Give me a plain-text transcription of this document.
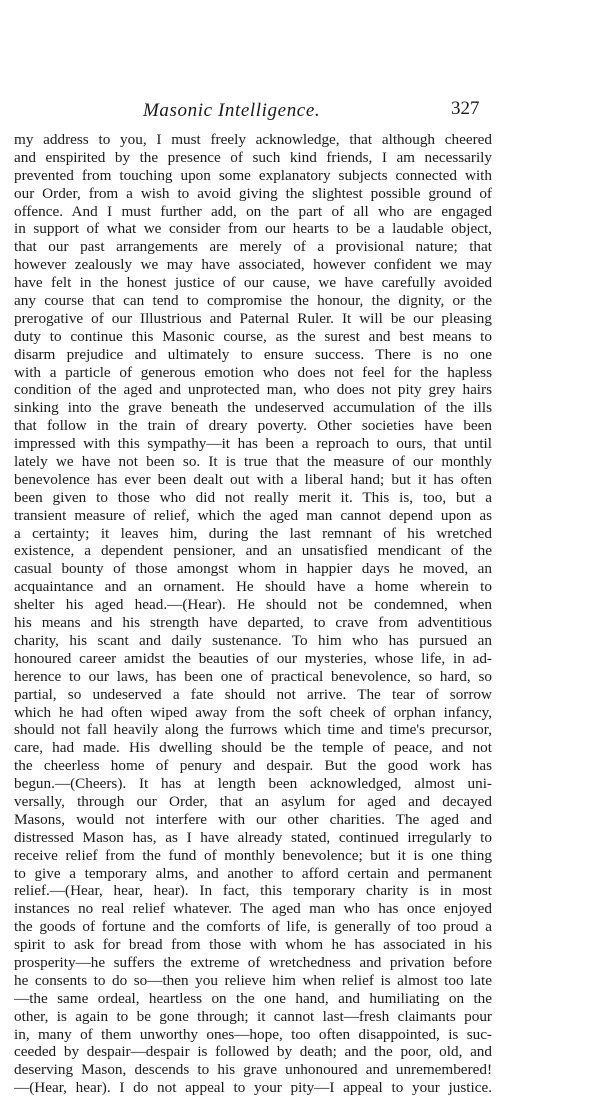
Masonic Intelligence.	327
my address to you, I must freely acknowledge, that although cheered
and enspirited by the presence of such kind friends, I am necessarily
prevented from touching upon some explanatory subjects connected with
our Order, from a wish to avoid giving the slightest possible ground of
offence. And I must further add, on the part of all who are engaged
in support of what we consider from our hearts to be a laudable object,
that our past arrangements are merely of a provisional nature; that
however zealously we may have associated, however confident we may
have felt in the honest justice of our cause, we have carefully avoided
any course that can tend to compromise the honour, the dignity, or the
prerogative of our Illustrious and Paternal Ruler. It will be our pleasing
duty to continue this Masonic course, as the surest and best means to
disarm prejudice and ultimately to ensure success. There is no one
with a particle of generous emotion who does not feel for the hapless
condition of the aged and unprotected man, who does not pity grey hairs
sinking into the grave beneath the undeserved accumulation of the ills
that follow in the train of dreary poverty. Other societies have been
impressed with this sympathy—it has been a reproach to ours, that until
lately we have not been so. It is true that the measure of our monthly
benevolence has ever been dealt out with a liberal hand; but it has often
been given to those who did not really merit it. This is, too, but a
transient measure of relief, which the aged man cannot depend upon as
a certainty; it leaves him, during the last remnant of his wretched
existence, a dependent pensioner, and an unsatisfied mendicant of the
casual bounty of those amongst whom in happier days he moved, an
acquaintance and an ornament. He should have a home wherein to
shelter his aged head.—(Hear). He should not be condemned, when
his means and his strength have departed, to crave from adventitious
charity, his scant and daily sustenance. To him who has pursued an
honoured career amidst the beauties of our mysteries, whose life, in ad-
herence to our laws, has been one of practical benevolence, so hard, so
partial, so undeserved a fate should not arrive. The tear of sorrow
which he had often wiped away from the soft cheek of orphan infancy,
should not fall heavily along the furrows which time and time's precursor,
care, had made. His dwelling should be the temple of peace, and not
the cheerless home of penury and despair. But the good work has
begun.—(Cheers). It has at length been acknowledged, almost uni-
versally, through our Order, that an asylum for aged and decayed
Masons, would not interfere with our other charities. The aged and
distressed Mason has, as I have already stated, continued irregularly to
receive relief from the fund of monthly benevolence; but it is one thing
to give a temporary alms, and another to afford certain and permanent
relief.—(Hear, hear, hear). In fact, this temporary charity is in most
instances no real relief whatever. The aged man who has once enjoyed
the goods of fortune and the comforts of life, is generally of too proud a
spirit to ask for bread from those with whom he has associated in his
prosperity—he suffers the extreme of wretchedness and privation before
he consents to do so—then you relieve him when relief is almost too late
—the same ordeal, heartless on the one hand, and humiliating on the
other, is again to be gone through; it cannot last—fresh claimants pour
in, many of them unworthy ones—hope, too often disappointed, is suc-
ceeded by despair—despair is followed by death; and the poor, old, and
deserving Mason, descends to his grave unhonoured and unremembered!
—(Hear, hear). I do not appeal to your pity—I appeal to your justice.
